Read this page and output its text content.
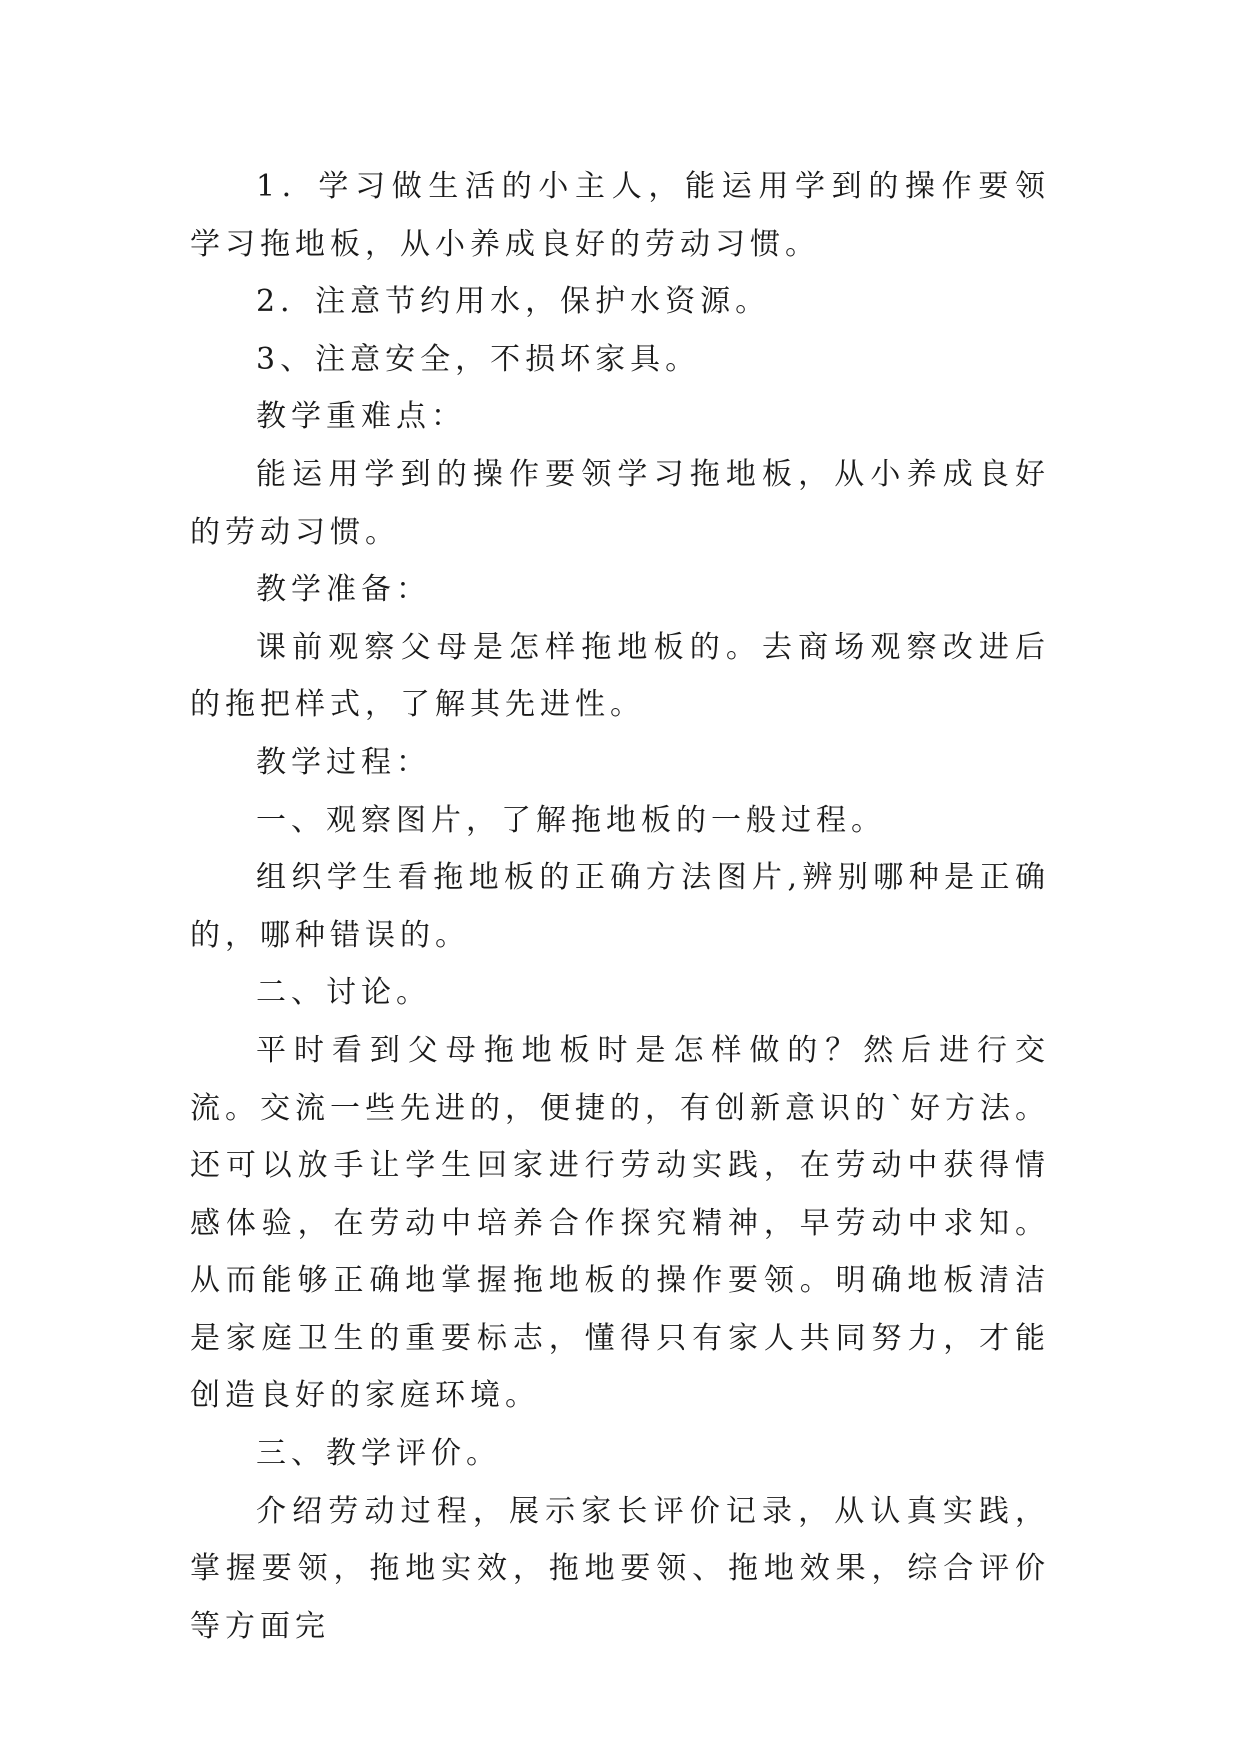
1．学习做生活的小主人，能运用学到的操作要领学习拖地板，从小养成良好的劳动习惯。

2．注意节约用水，保护水资源。

3、注意安全，不损坏家具。

教学重难点：

能运用学到的操作要领学习拖地板，从小养成良好的劳动习惯。

教学准备：

课前观察父母是怎样拖地板的。去商场观察改进后的拖把样式，了解其先进性。

教学过程：

一、观察图片，了解拖地板的一般过程。

组织学生看拖地板的正确方法图片,辨别哪种是正确的，哪种错误的。

二、讨论。

平时看到父母拖地板时是怎样做的？然后进行交流。交流一些先进的，便捷的，有创新意识的`好方法。还可以放手让学生回家进行劳动实践，在劳动中获得情感体验，在劳动中培养合作探究精神，早劳动中求知。从而能够正确地掌握拖地板的操作要领。明确地板清洁是家庭卫生的重要标志，懂得只有家人共同努力，才能创造良好的家庭环境。

三、教学评价。

介绍劳动过程，展示家长评价记录，从认真实践，掌握要领，拖地实效，拖地要领、拖地效果，综合评价等方面完
